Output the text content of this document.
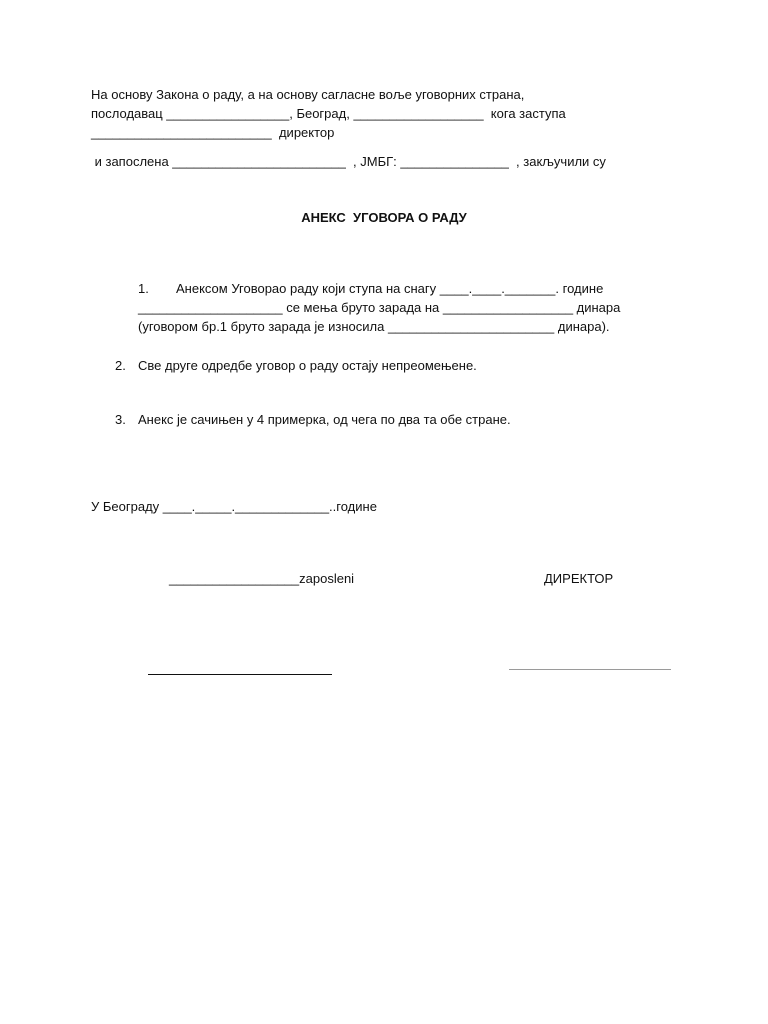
На основу Закона о раду, а на основу сагласне воље уговорних страна,

послодавац _________________, Београд, __________________  кога заступа

_________________________  директор

и запослена ________________________  , ЈМБГ: _______________  , закључили су

АНЕКС  УГОВОРА О РАДУ
1. Анексом Уговорао раду који ступа на снагу ____.____._______. године

____________________ се мења бруто зарада на __________________ динара

(уговором бр.1 бруто зарада је износила _______________________ динара).

2. Све друге одредбе уговор о раду остају непреомењене.

3. Анекс је сачињен у 4 примерка, од чега по два та обе стране.

У Београду ____._____._____________..године

__________________zaposleni	ДИРЕКТОР
